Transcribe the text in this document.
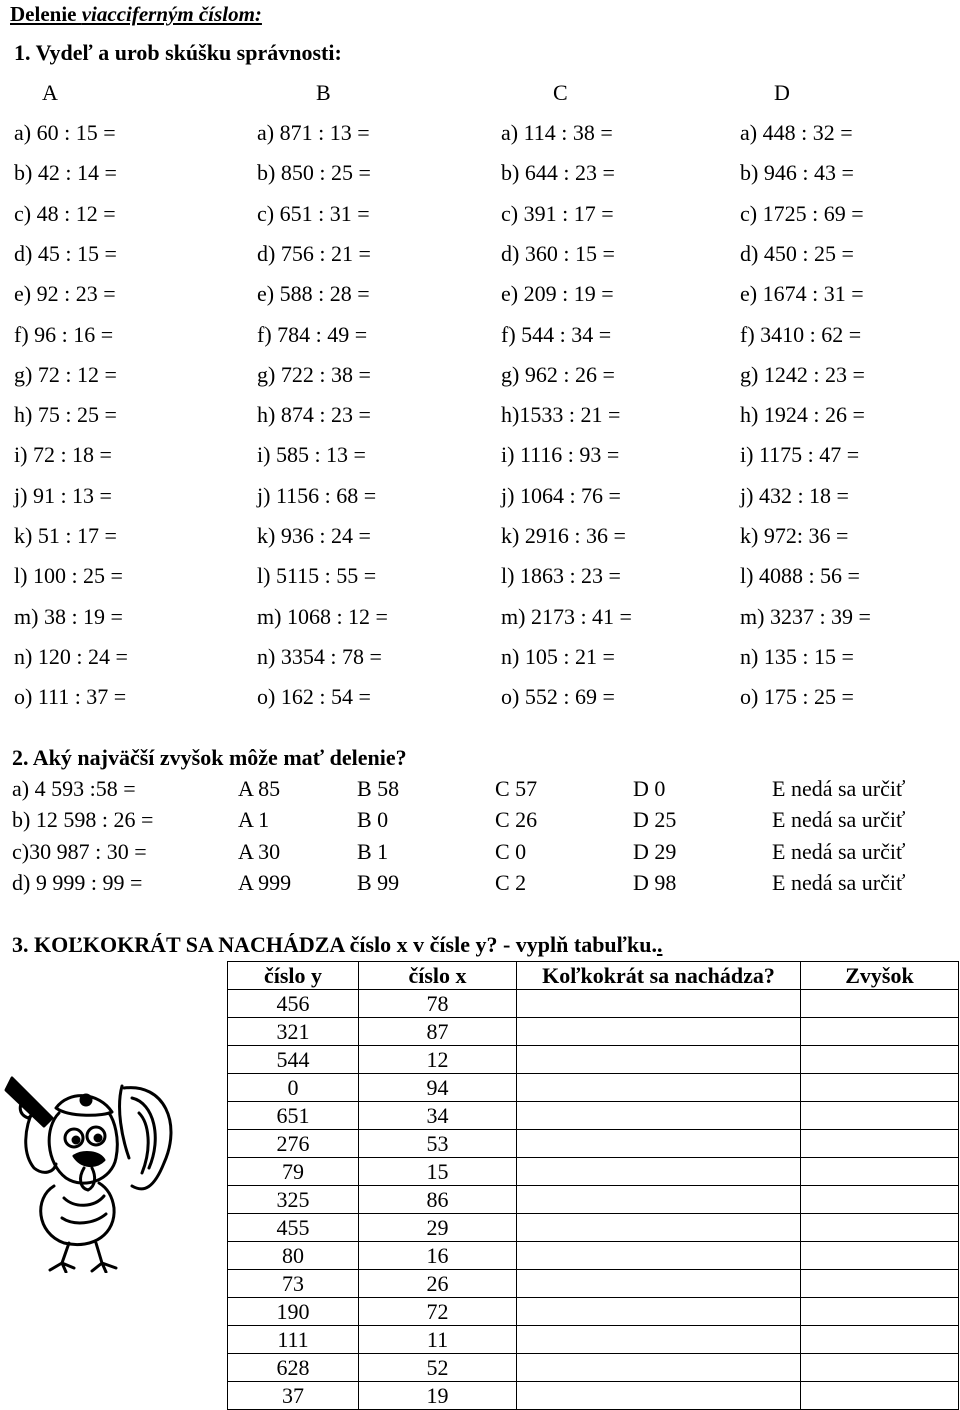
Delenie viacciferným číslom:
1. Vydeľ a urob skúšku správnosti:
A	B	C	D
a) 60 : 15 =	a) 871 : 13 =	a) 114 : 38 =	a) 448 : 32 =
b) 42 : 14 =	b) 850 : 25 =	b) 644 : 23 =	b) 946 : 43 =
c) 48 : 12 =	c) 651 : 31 =	c) 391 : 17 =	c) 1725 : 69 =
d) 45 : 15 =	d) 756 : 21 =	d) 360 : 15 =	d) 450 : 25 =
e) 92 : 23 =	e) 588 : 28 =	e) 209 : 19 =	e) 1674 : 31 =
f) 96 : 16 =	f) 784 : 49 =	f) 544 : 34 =	f) 3410 : 62 =
g) 72 : 12 =	g) 722 : 38 =	g) 962 : 26 =	g) 1242 : 23 =
h) 75 : 25 =	h) 874 : 23 =	h)1533 : 21 =	h) 1924 : 26 =
i) 72 : 18 =	i) 585 : 13 =	i) 1116 : 93 =	i) 1175 : 47 =
j) 91 : 13 =	j) 1156 : 68 =	j) 1064 : 76 =	j) 432 : 18 =
k) 51 : 17 =	k) 936 : 24 =	k) 2916 : 36 =	k) 972: 36 =
l) 100 : 25 =	l) 5115 : 55 =	l) 1863 : 23 =	l) 4088 : 56 =
m) 38 : 19 =	m) 1068 : 12 =	m) 2173 : 41 =	m) 3237 : 39 =
n) 120 : 24 =	n) 3354 : 78 =	n) 105 : 21 =	n) 135 : 15 =
o) 111 : 37 =	o) 162 : 54 =	o) 552 : 69 =	o) 175 : 25 =
2. Aký najväčší zvyšok môže mať delenie?
a) 4 593 :58 =	A 85	B 58	C 57	D 0	E nedá sa určiť
b) 12 598 : 26 =	A 1	B 0	C 26	D 25	E nedá sa určiť
c)30 987 : 30 =	A 30	B 1	C 0	D 29	E nedá sa určiť
d) 9 999 : 99 =	A 999	B 99	C 2	D 98	E nedá sa určiť
3. KOĽKOKRÁT SA NACHÁDZA číslo x v čísle y? - vyplň tabuľku..
číslo y	číslo x	Koľkokrát sa nachádza?	Zvyšok
456	78		
321	87		
544	12		
0	94		
651	34		
276	53		
79	15		
325	86		
455	29		
80	16		
73	26		
190	72		
111	11		
628	52		
37	19		
